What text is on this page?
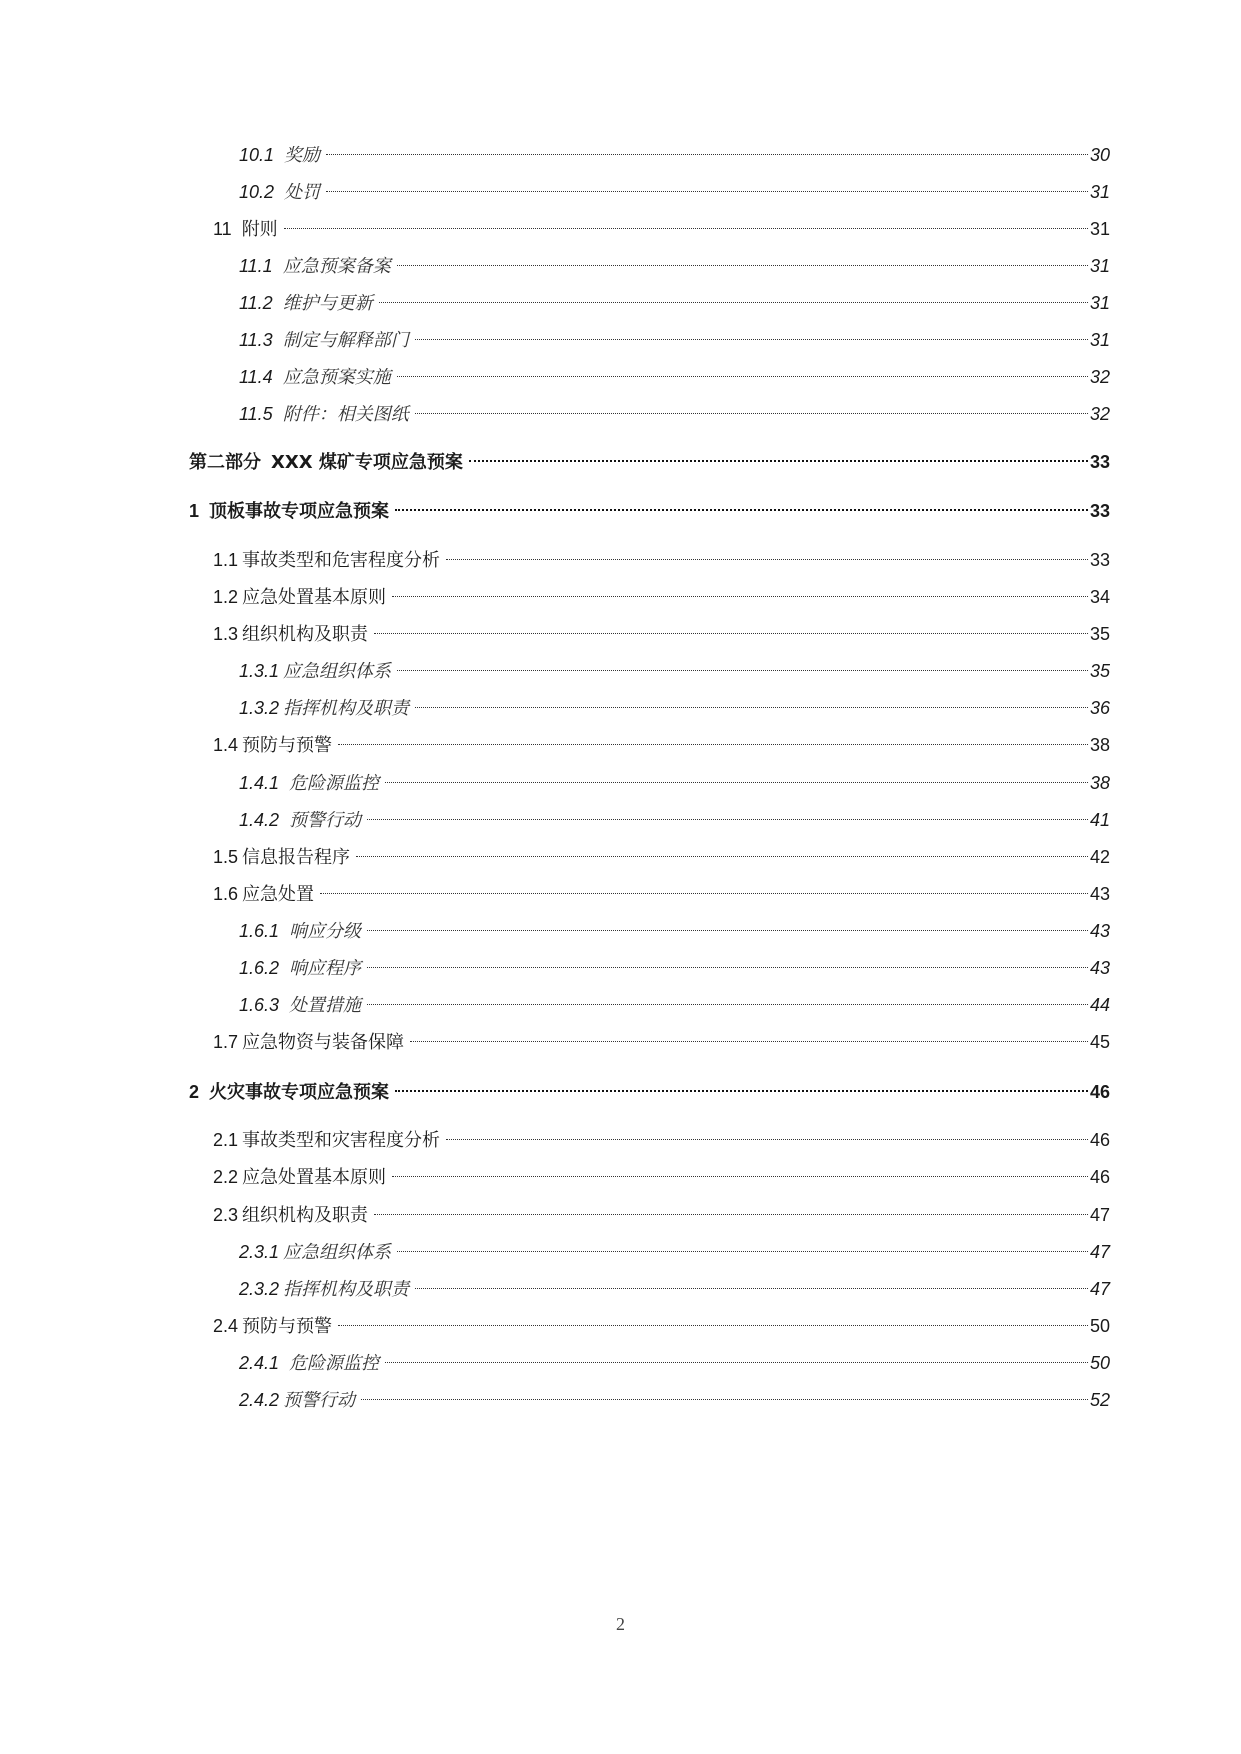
10.1 奖励	30
10.2 处罚	31
11 附则	31
11.1 应急预案备案	31
11.2 维护与更新	31
11.3 制定与解释部门	31
11.4 应急预案实施	32
11.5 附件：相关图纸	32
第二部分 XXX 煤矿专项应急预案	33
1 顶板事故专项应急预案	33
1.1 事故类型和危害程度分析	33
1.2 应急处置基本原则	34
1.3 组织机构及职责	35
1.3.1 应急组织体系	35
1.3.2 指挥机构及职责	36
1.4 预防与预警	38
1.4.1 危险源监控	38
1.4.2 预警行动	41
1.5 信息报告程序	42
1.6 应急处置	43
1.6.1 响应分级	43
1.6.2 响应程序	43
1.6.3 处置措施	44
1.7 应急物资与装备保障	45
2 火灾事故专项应急预案	46
2.1 事故类型和灾害程度分析	46
2.2 应急处置基本原则	46
2.3 组织机构及职责	47
2.3.1 应急组织体系	47
2.3.2 指挥机构及职责	47
2.4 预防与预警	50
2.4.1 危险源监控	50
2.4.2 预警行动	52
2
